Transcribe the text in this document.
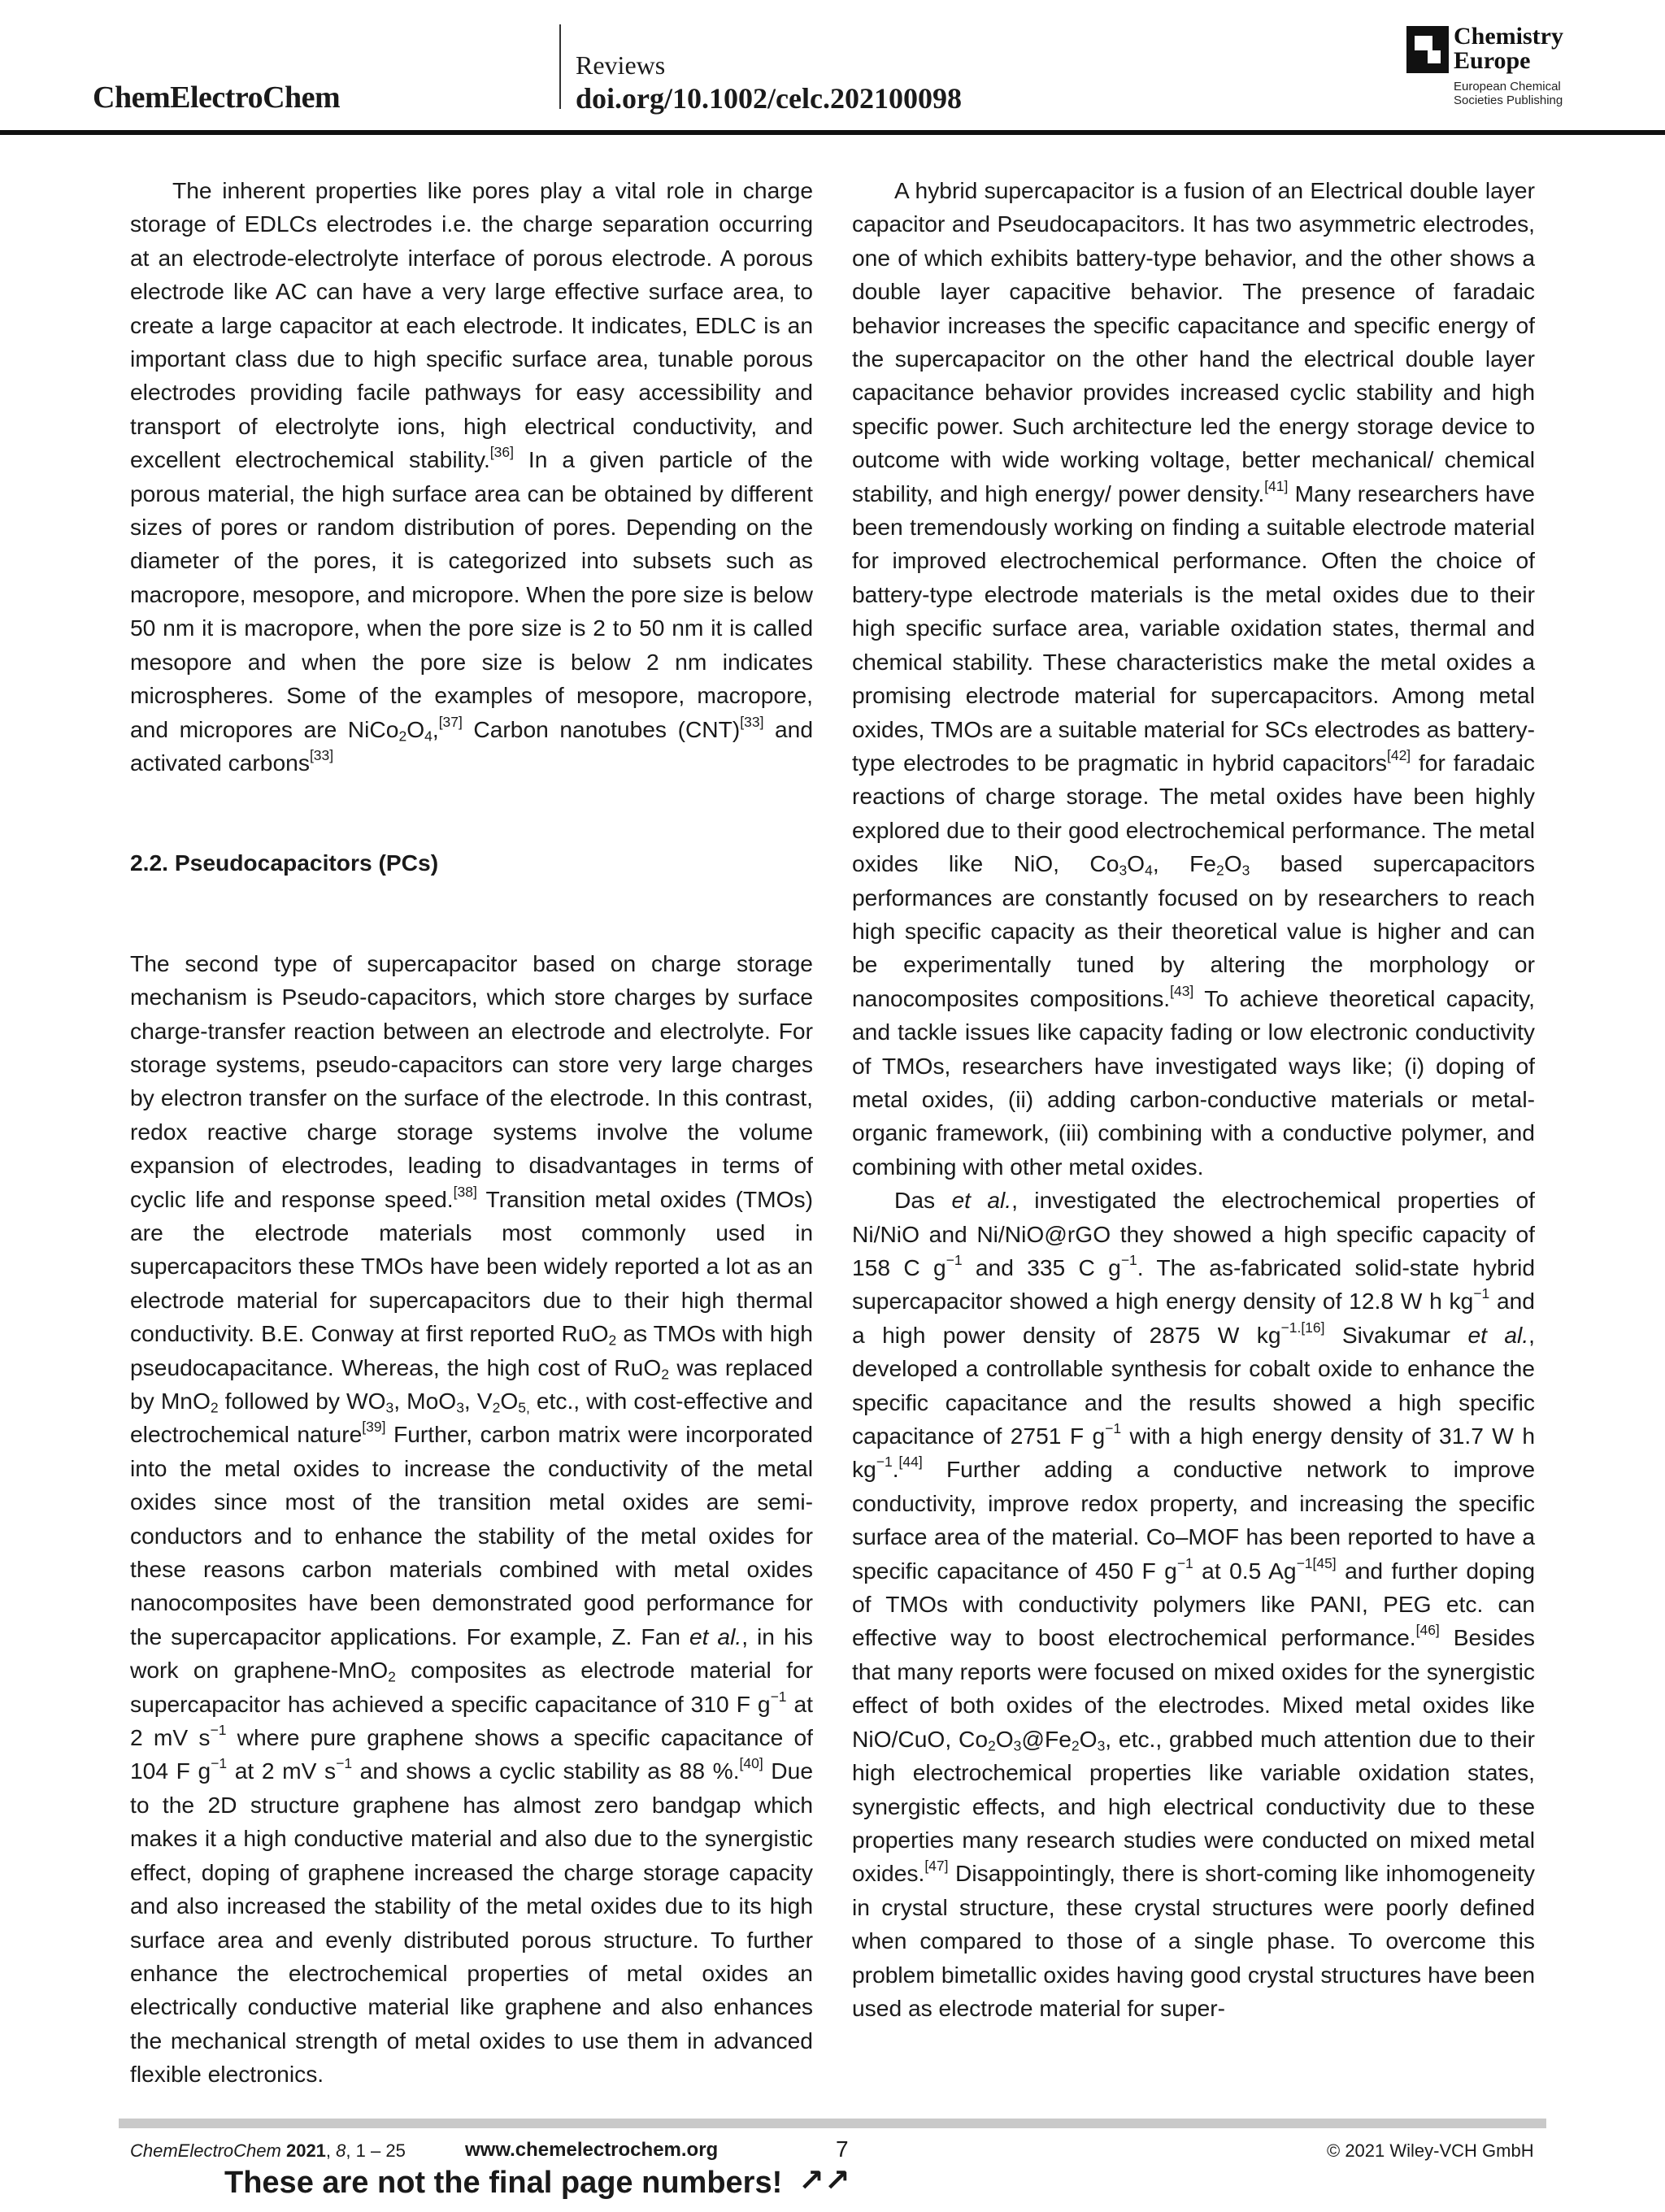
ChemElectroChem
Reviews
doi.org/10.1002/celc.202100098
Chemistry
Europe
European Chemical
Societies Publishing

The inherent properties like pores play a vital role in charge storage of EDLCs electrodes i.e. the charge separation occurring at an electrode-electrolyte interface of porous electrode. A porous electrode like AC can have a very large effective surface area, to create a large capacitor at each electrode. It indicates, EDLC is an important class due to high specific surface area, tunable porous electrodes providing facile pathways for easy accessibility and transport of electrolyte ions, high electrical conductivity, and excellent electrochemical stability.[36] In a given particle of the porous material, the high surface area can be obtained by different sizes of pores or random distribution of pores. Depending on the diameter of the pores, it is categorized into subsets such as macropore, mesopore, and micropore. When the pore size is below 50 nm it is macropore, when the pore size is 2 to 50 nm it is called mesopore and when the pore size is below 2 nm indicates microspheres. Some of the examples of mesopore, macropore, and micropores are $NiCo_2O_4,[37]$ Carbon nanotubes (CNT)[33] and activated carbons[33]

2.2. Pseudocapacitors (PCs)

The second type of supercapacitor based on charge storage mechanism is Pseudo-capacitors, which store charges by surface charge-transfer reaction between an electrode and electrolyte. For storage systems, pseudo-capacitors can store very large charges by electron transfer on the surface of the electrode. In this contrast, redox reactive charge storage systems involve the volume expansion of electrodes, leading to disadvantages in terms of cyclic life and response speed.[38] Transition metal oxides (TMOs) are the electrode materials most commonly used in supercapacitors these TMOs have been widely reported a lot as an electrode material for supercapacitors due to their high thermal conductivity. B.E. Conway at first reported RuO$_2$ as TMOs with high pseudocapacitance. Whereas, the high cost of RuO$_2$ was replaced by MnO$_2$ followed by $WO_3$, MoO$_3$, $V_2O_{5,}$ etc., with cost-effective and electrochemical nature[39] Further, carbon matrix were incorporated into the metal oxides to increase the conductivity of the metal oxides since most of the transition metal oxides are semi-conductors and to enhance the stability of the metal oxides for these reasons carbon materials combined with metal oxides nanocomposites have been demonstrated good performance for the supercapacitor applications. For example, Z. Fan et al., in his work on graphene-MnO$_2$ composites as electrode material for supercapacitor has achieved a specific capacitance of 310 F $g^{-1}$ at 2 mV $s^{-1}$ where pure graphene shows a specific capacitance of 104 F $g^{-1}$ at 2 mV $s^{-1}$ and shows a cyclic stability as 88 %.[40] Due to the 2D structure graphene has almost zero bandgap which makes it a high conductive material and also due to the synergistic effect, doping of graphene increased the charge storage capacity and also increased the stability of the metal oxides due to its high surface area and evenly distributed porous structure. To further enhance the electrochemical properties of metal oxides an electrically conductive material like graphene and also enhances the mechanical strength of metal oxides to use them in advanced flexible electronics.

A hybrid supercapacitor is a fusion of an Electrical double layer capacitor and Pseudocapacitors. It has two asymmetric electrodes, one of which exhibits battery-type behavior, and the other shows a double layer capacitive behavior. The presence of faradaic behavior increases the specific capacitance and specific energy of the supercapacitor on the other hand the electrical double layer capacitance behavior provides increased cyclic stability and high specific power. Such architecture led the energy storage device to outcome with wide working voltage, better mechanical/ chemical stability, and high energy/ power density.[41] Many researchers have been tremendously working on finding a suitable electrode material for improved electrochemical performance. Often the choice of battery-type electrode materials is the metal oxides due to their high specific surface area, variable oxidation states, thermal and chemical stability. These characteristics make the metal oxides a promising electrode material for supercapacitors. Among metal oxides, TMOs are a suitable material for SCs electrodes as battery-type electrodes to be pragmatic in hybrid capacitors[42] for faradaic reactions of charge storage. The metal oxides have been highly explored due to their good electrochemical performance. The metal oxides like NiO, $Co_3O_4$, $Fe_2O_3$ based supercapacitors performances are constantly focused on by researchers to reach high specific capacity as their theoretical value is higher and can be experimentally tuned by altering the morphology or nanocomposites compositions.[43] To achieve theoretical capacity, and tackle issues like capacity fading or low electronic conductivity of TMOs, researchers have investigated ways like; (i) doping of metal oxides, (ii) adding carbon-conductive materials or metal-organic framework, (iii) combining with a conductive polymer, and combining with other metal oxides.

Das et al., investigated the electrochemical properties of Ni/NiO and Ni/NiO@rGO they showed a high specific capacity of 158 C $g^{-1}$ and 335 C $g^{-1}$. The as-fabricated solid-state hybrid supercapacitor showed a high energy density of 12.8 W h $kg^{-1}$ and a high power density of 2875 W $kg^{-1.[16]}$ Sivakumar et al., developed a controllable synthesis for cobalt oxide to enhance the specific capacitance and the results showed a high specific capacitance of 2751 F $g^{-1}$ with a high energy density of 31.7 W h $kg^{-1}.[44]$ Further adding a conductive network to improve conductivity, improve redox property, and increasing the specific surface area of the material. Co–MOF has been reported to have a specific capacitance of 450 F $g^{-1}$ at 0.5 $Ag^{-1[45]}$ and further doping of TMOs with conductivity polymers like PANI, PEG etc. can effective way to boost electrochemical performance.[46] Besides that many reports were focused on mixed oxides for the synergistic effect of both oxides of the electrodes. Mixed metal oxides like NiO/CuO, $Co_2O_3@Fe_2O_3$, etc., grabbed much attention due to their high electrochemical properties like variable oxidation states, synergistic effects, and high electrical conductivity due to these properties many research studies were conducted on mixed metal oxides.[47] Disappointingly, there is short-coming like inhomogeneity in crystal structure, these crystal structures were poorly defined when compared to those of a single phase. To overcome this problem bimetallic oxides having good crystal structures have been used as electrode material for super-

ChemElectroChem 2021, 8, 1 – 25	www.chemelectrochem.org	7	© 2021 Wiley-VCH GmbH
These are not the final page numbers! ↗↗
